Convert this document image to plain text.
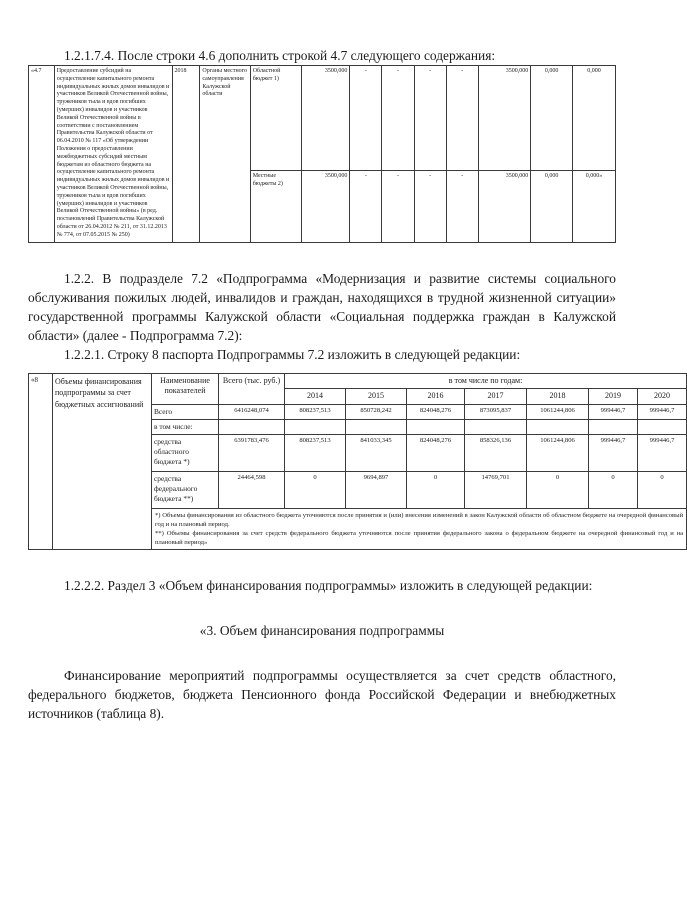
1.2.1.7.4. После строки 4.6 дополнить строкой 4.7 следующего содержания:

«4.7	Предоставление субсидий на осуществление капитального ремонта индивидуальных жилых домов инвалидов и участников Великой Отечественной войны, тружеников тыла и вдов погибших (умерших) инвалидов и участников Великой Отечественной войны в соответствии с постановлением Правительства Калужской области от 06.04.2010 № 117 «Об утверждении Положения о предоставлении межбюджетных субсидий местным бюджетам из областного бюджета на осуществление капитального ремонта индивидуальных жилых домов инвалидов и участников Великой Отечественной войны, тружеников тыла и вдов погибших (умерших) инвалидов и участников Великой Отечественной войны» (в ред. постановлений Правительства Калужской области от 26.04.2012 № 211, от 31.12.2013 № 774, от 07.05.2015 № 250)	2018	Органы местного самоуправления Калужской области	Областной бюджет 1)	3500,000	-	-	-	-	3500,000	0,000	0,000
				Местные бюджеты 2)	3500,000	-	-	-	-	3500,000	0,000	0,000»

1.2.2. В подразделе 7.2 «Подпрограмма «Модернизация и развитие системы социального обслуживания пожилых людей, инвалидов и граждан, находящихся в трудной жизненной ситуации» государственной программы Калужской области «Социальная поддержка граждан в Калужской области» (далее - Подпрограмма 7.2):

1.2.2.1. Строку 8 паспорта Подпрограммы 7.2 изложить в следующей редакции:

«8	Объемы финансирования подпрограммы за счет бюджетных ассигнований	Наименование показателей	Всего (тыс. руб.)	в том числе по годам:						
				2014	2015	2016	2017	2018	2019	2020
		Всего	6416248,074	808237,513	850728,242	824048,276	873095,837	1061244,806	999446,7	999446,7
		в том числе:								
		средства областного бюджета *)	6391783,476	808237,513	841033,345	824048,276	858326,136	1061244,806	999446,7	999446,7
		средства федерального бюджета **)	24464,598	0	9694,897	0	14769,701	0	0	0

		*) Объемы финансирования из областного бюджета уточняются после принятия и (или) внесения изменений в закон Калужской области об областном бюджете на очередной финансовый год и на плановый период.
**) Объемы финансирования за счет средств федерального бюджета уточняются после принятия федерального закона о федеральном бюджете на очередной финансовый год и на плановый период»								

1.2.2.2. Раздел 3 «Объем финансирования подпрограммы» изложить в следующей редакции:

«3. Объем финансирования подпрограммы

Финансирование мероприятий подпрограммы осуществляется за счет средств областного, федерального бюджетов, бюджета Пенсионного фонда Российской Федерации и внебюджетных источников (таблица 8).
